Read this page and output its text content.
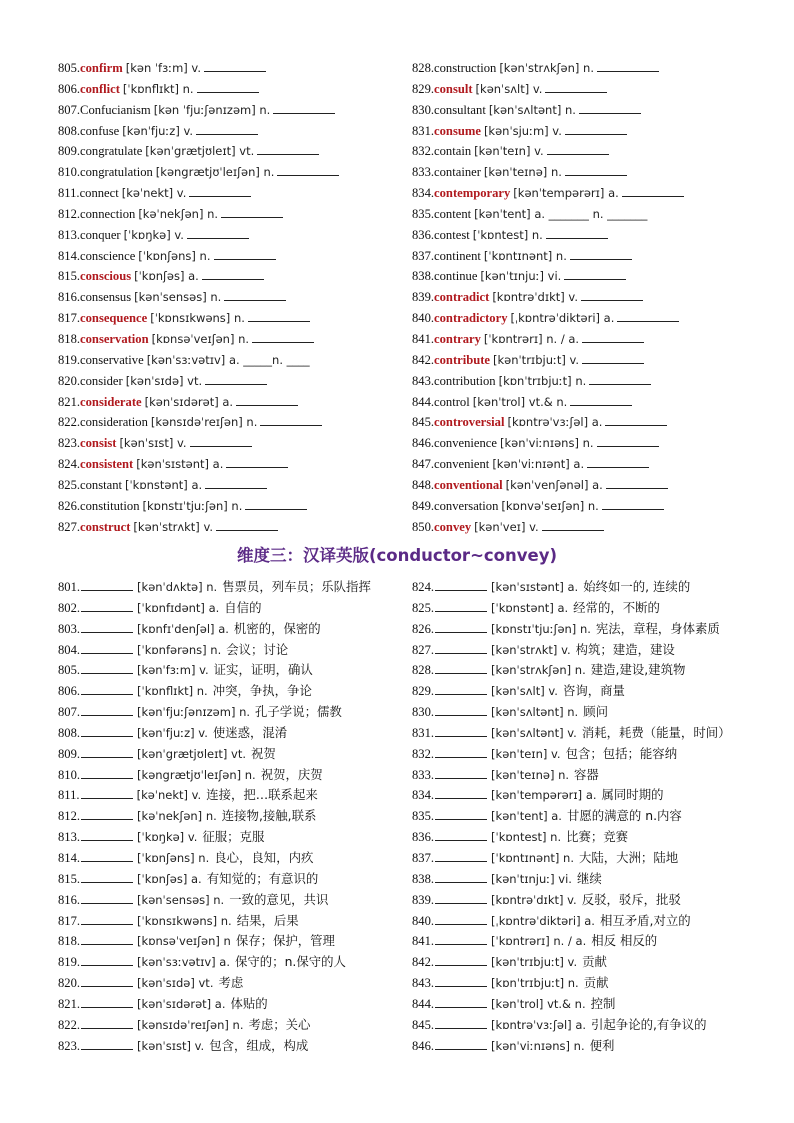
805.confirm [kən ˈfɜːm] v.
806.conflict [ˈkɒnflɪkt] n.
807.Confucianism [kən ˈfjuːʃənɪzəm] n.
808.confuse [kənˈfjuːz] v.
809.congratulate [kənˈgrætjʊleɪt] vt.
810.congratulation [kəngrætjʊˈleɪʃən] n.
811.connect [kəˈnekt] v.
812.connection [kəˈnekʃən] n.
813.conquer [ˈkɒŋkə] v.
814.conscience [ˈkɒnʃəns] n.
815.conscious [ˈkɒnʃəs] a.
816.consensus [kənˈsensəs] n.
817.consequence [ˈkɒnsɪkwəns] n.
818.conservation [kɒnsəˈveɪʃən] n.
819.conservative [kənˈsɜːvətɪv] a. _____n. ____
820.consider [kənˈsɪdə] vt.
821.considerate [kənˈsɪdərət] a.
822.consideration [kənsɪdəˈreɪʃən] n.
823.consist [kənˈsɪst] v.
824.consistent [kənˈsɪstənt] a.
825.constant [ˈkɒnstənt] a.
826.constitution [kɒnstɪˈtjuːʃən] n.
827.construct [kənˈstrʌkt] v.
828.construction [kənˈstrʌkʃən] n.
829.consult [kənˈsʌlt] v.
830.consultant [kənˈsʌltənt] n.
831.consume [kənˈsjuːm] v.
832.contain [kənˈteɪn] v.
833.container [kənˈteɪnə] n.
834.contemporary [kənˈtempərərɪ] a.
835.content [kənˈtent] a. _______ n. _______
836.contest [ˈkɒntest] n.
837.continent [ˈkɒntɪnənt] n.
838.continue [kənˈtɪnjuː] vi.
839.contradict [kɒntrəˈdɪkt] v.
840.contradictory [ˌkɒntrəˈdiktəri] a.
841.contrary [ˈkɒntrərɪ] n. / a.
842.contribute [kənˈtrɪbjuːt] v.
843.contribution [kɒnˈtrɪbjuːt] n.
844.control [kənˈtrol] vt.& n.
845.controversial [kɒntrəˈvɜːʃəl] a.
846.convenience [kənˈviːnɪəns] n.
847.convenient [kənˈviːnɪənt] a.
848.conventional [kənˈvenʃənəl] a.
849.conversation [kɒnvəˈseɪʃən] n.
850.convey [kənˈveɪ] v.
维度三：汉译英版(conductor~convey)
801.	[kənˈdʌktə] n. 售票员，列车员；乐队指挥
802.	[ˈkɒnfɪdənt] a. 自信的
803.	[kɒnfɪˈdenʃəl] a. 机密的，保密的
804.	[ˈkɒnfərəns] n. 会议；讨论
805.	[kənˈfɜːm] v. 证实，证明，确认
806.	[ˈkɒnflɪkt] n. 冲突，争执，争论
807.	[kənˈfjuːʃənɪzəm] n. 孔子学说；儒教
808.	[kənˈfjuːz] v. 使迷惑，混淆
809.	[kənˈgrætjʊleɪt] vt. 祝贺
810.	[kəngrætjʊˈleɪʃən] n. 祝贺，庆贺
811.	[kəˈnekt] v. 连接，把…联系起来
812.	[kəˈnekʃən] n. 连接物,接触,联系
813.	[ˈkɒŋkə] v. 征服；克服
814.	[ˈkɒnʃəns] n. 良心，良知，内疚
815.	[ˈkɒnʃəs] a. 有知觉的；有意识的
816.	[kənˈsensəs] n. 一致的意见，共识
817.	[ˈkɒnsɪkwəns] n. 结果，后果
818.	[kɒnsəˈveɪʃən] n 保存；保护，管理
819.	[kənˈsɜːvətɪv] a. 保守的；n.保守的人
820.	[kənˈsɪdə] vt. 考虑
821.	[kənˈsɪdərət] a. 体贴的
822.	[kənsɪdəˈreɪʃən] n. 考虑；关心
823.	[kənˈsɪst] v. 包含，组成，构成
824.	[kənˈsɪstənt] a. 始终如一的, 连续的
825.	[ˈkɒnstənt] a. 经常的，不断的
826.	[kɒnstɪˈtjuːʃən] n. 宪法，章程，身体素质
827.	[kənˈstrʌkt] v. 构筑；建造，建设
828.	[kənˈstrʌkʃən] n. 建造,建设,建筑物
829.	[kənˈsʌlt] v. 咨询，商量
830.	[kənˈsʌltənt] n. 顾问
831.	[kənˈsʌltənt] v. 消耗，耗费（能量，时间）
832.	[kənˈteɪn] v. 包含；包括；能容纳
833.	[kənˈteɪnə] n. 容器
834.	[kənˈtempərərɪ] a. 属同时期的
835.	[kənˈtent] a. 甘愿的满意的 n.内容
836.	[ˈkɒntest] n. 比赛；竞赛
837.	[ˈkɒntɪnənt] n. 大陆，大洲；陆地
838.	[kənˈtɪnjuː] vi. 继续
839.	[kɒntrəˈdɪkt] v. 反驳，驳斥，批驳
840.	[ˌkɒntrəˈdiktəri] a. 相互矛盾,对立的
841.	[ˈkɒntrərɪ] n. / a. 相反 相反的
842.	[kənˈtrɪbjuːt] v. 贡献
843.	[kɒnˈtrɪbjuːt] n. 贡献
844.	[kənˈtrol] vt.& n. 控制
845.	[kɒntrəˈvɜːʃəl] a. 引起争论的,有争议的
846.	[kənˈviːnɪəns] n. 便利
